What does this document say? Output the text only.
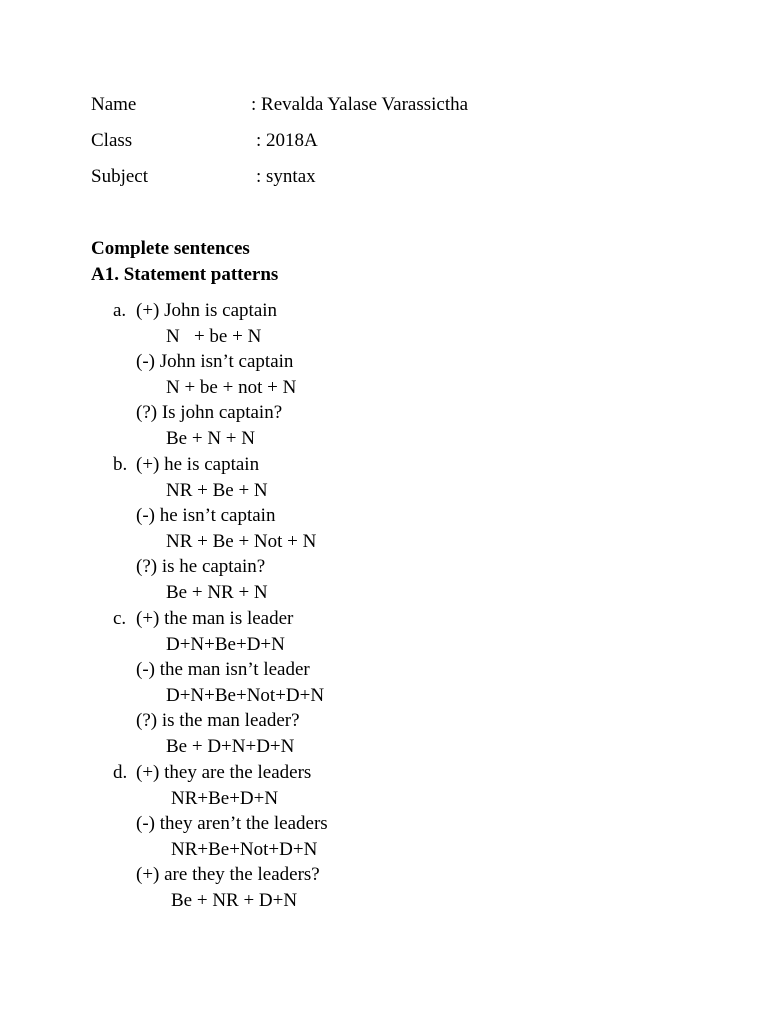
Name	: Revalda Yalase Varassictha
Class	: 2018A
Subject	: syntax
Complete sentences
A1. Statement patterns
a. (+) John is captain
N   + be + N
(-) John isn’t captain
N + be + not + N
(?) Is john captain?
Be + N + N
b. (+) he is captain
NR + Be + N
(-) he isn’t captain
NR + Be + Not + N
(?) is he captain?
Be + NR + N
c. (+) the man is leader
D+N+Be+D+N
(-) the man isn’t leader
D+N+Be+Not+D+N
(?) is the man leader?
Be + D+N+D+N
d. (+) they are the leaders
NR+Be+D+N
(-) they aren’t the leaders
NR+Be+Not+D+N
(+) are they the leaders?
Be + NR + D+N
